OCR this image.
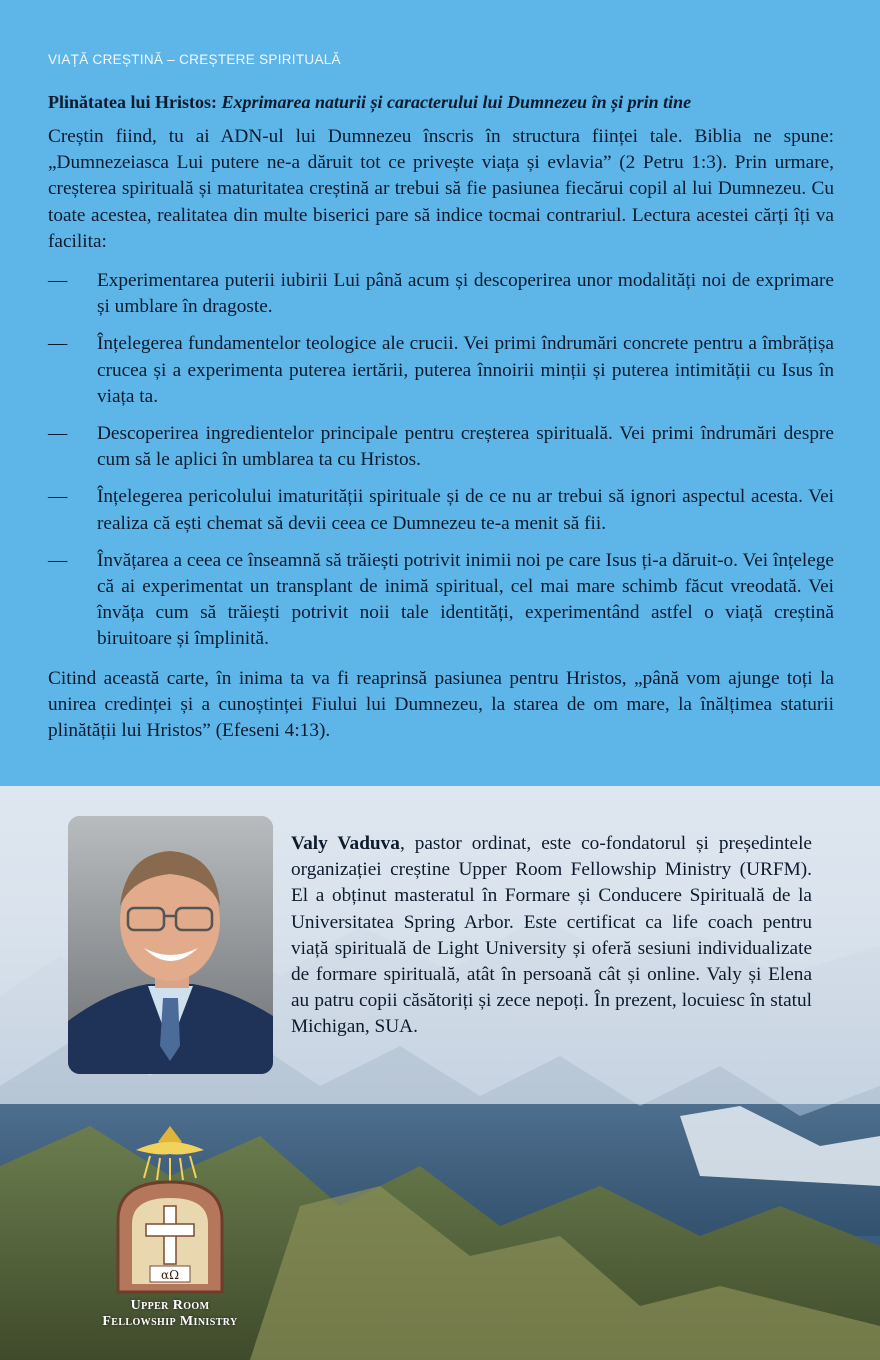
VIAȚĂ CREȘTINĂ – CREȘTERE SPIRITUALĂ
Plinătatea lui Hristos: Exprimarea naturii și caracterului lui Dumnezeu în și prin tine

Creștin fiind, tu ai ADN-ul lui Dumnezeu înscris în structura ființei tale. Biblia ne spune: „Dumnezeiasca Lui putere ne-a dăruit tot ce privește viața și evlavia” (2 Petru 1:3). Prin urmare, creșterea spirituală și maturitatea creștină ar trebui să fie pasiunea fiecărui copil al lui Dumnezeu. Cu toate acestea, realitatea din multe biserici pare să indice tocmai contrariul. Lectura acestei cărți îți va facilita:

—	Experimentarea puterii iubirii Lui până acum și descoperirea unor modalități noi de exprimare și umblare în dragoste.
—	Înțelegerea fundamentelor teologice ale crucii. Vei primi îndrumări concrete pentru a îmbrățișa crucea și a experimenta puterea iertării, puterea înnoirii minții și puterea intimității cu Isus în viața ta.
—	Descoperirea ingredientelor principale pentru creșterea spirituală. Vei primi îndrumări despre cum să le aplici în umblarea ta cu Hristos.
—	Înțelegerea pericolului imaturității spirituale și de ce nu ar trebui să ignori aspectul acesta. Vei realiza că ești chemat să devii ceea ce Dumnezeu te-a menit să fii.
—	Învățarea a ceea ce înseamnă să trăiești potrivit inimii noi pe care Isus ți-a dăruit-o. Vei înțelege că ai experimentat un transplant de inimă spiritual, cel mai mare schimb făcut vreodată. Vei învăța cum să trăiești potrivit noii tale identități, experimentând astfel o viață creștină biruitoare și împlinită.

Citind această carte, în inima ta va fi reaprinsă pasiunea pentru Hristos, „până vom ajunge toți la unirea credinței și a cunoștinței Fiului lui Dumnezeu, la starea de om mare, la înălțimea staturii plinătății lui Hristos” (Efeseni 4:13).

Valy Vaduva, pastor ordinat, este co-fondatorul și președintele organizației creștine Upper Room Fellowship Ministry (URFM). El a obținut masteratul în Formare și Conducere Spirituală de la Universitatea Spring Arbor. Este certificat ca life coach pentru viață spirituală de Light University și oferă sesiuni individualizate de formare spirituală, atât în persoană cât și online. Valy și Elena au patru copii căsătoriți și zece nepoți. În prezent, locuiesc în statul Michigan, SUA.

αΩ
Upper Room
Fellowship Ministry
